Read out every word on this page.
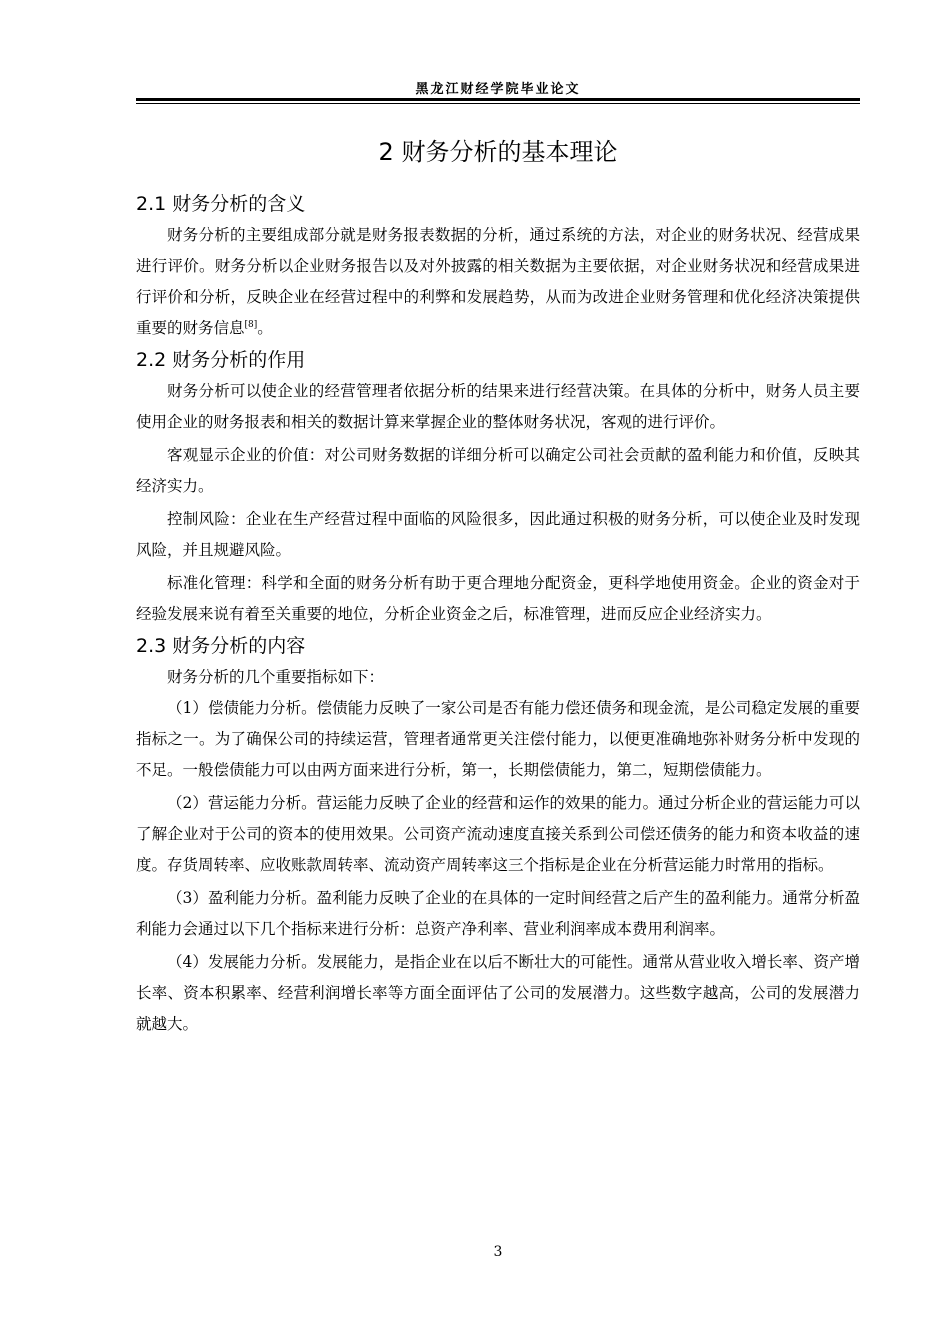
黑龙江财经学院毕业论文
2 财务分析的基本理论
2.1 财务分析的含义

财务分析的主要组成部分就是财务报表数据的分析，通过系统的方法，对企业的财务状况、经营成果进行评价。财务分析以企业财务报告以及对外披露的相关数据为主要依据，对企业财务状况和经营成果进行评价和分析，反映企业在经营过程中的利弊和发展趋势，从而为改进企业财务管理和优化经济决策提供重要的财务信息[8]。

2.2 财务分析的作用

财务分析可以使企业的经营管理者依据分析的结果来进行经营决策。在具体的分析中，财务人员主要使用企业的财务报表和相关的数据计算来掌握企业的整体财务状况，客观的进行评价。

客观显示企业的价值：对公司财务数据的详细分析可以确定公司社会贡献的盈利能力和价值，反映其经济实力。

控制风险：企业在生产经营过程中面临的风险很多，因此通过积极的财务分析，可以使企业及时发现风险，并且规避风险。

标准化管理：科学和全面的财务分析有助于更合理地分配资金，更科学地使用资金。企业的资金对于经验发展来说有着至关重要的地位，分析企业资金之后，标准管理，进而反应企业经济实力。

2.3 财务分析的内容

财务分析的几个重要指标如下：

（1）偿债能力分析。偿债能力反映了一家公司是否有能力偿还债务和现金流，是公司稳定发展的重要指标之一。为了确保公司的持续运营，管理者通常更关注偿付能力，以便更准确地弥补财务分析中发现的不足。一般偿债能力可以由两方面来进行分析，第一，长期偿债能力，第二，短期偿债能力。

（2）营运能力分析。营运能力反映了企业的经营和运作的效果的能力。通过分析企业的营运能力可以了解企业对于公司的资本的使用效果。公司资产流动速度直接关系到公司偿还债务的能力和资本收益的速度。存货周转率、应收账款周转率、流动资产周转率这三个指标是企业在分析营运能力时常用的指标。

（3）盈利能力分析。盈利能力反映了企业的在具体的一定时间经营之后产生的盈利能力。通常分析盈利能力会通过以下几个指标来进行分析：总资产净利率、营业利润率成本费用利润率。

（4）发展能力分析。发展能力，是指企业在以后不断壮大的可能性。通常从营业收入增长率、资产增长率、资本积累率、经营利润增长率等方面全面评估了公司的发展潜力。这些数字越高，公司的发展潜力就越大。

3
